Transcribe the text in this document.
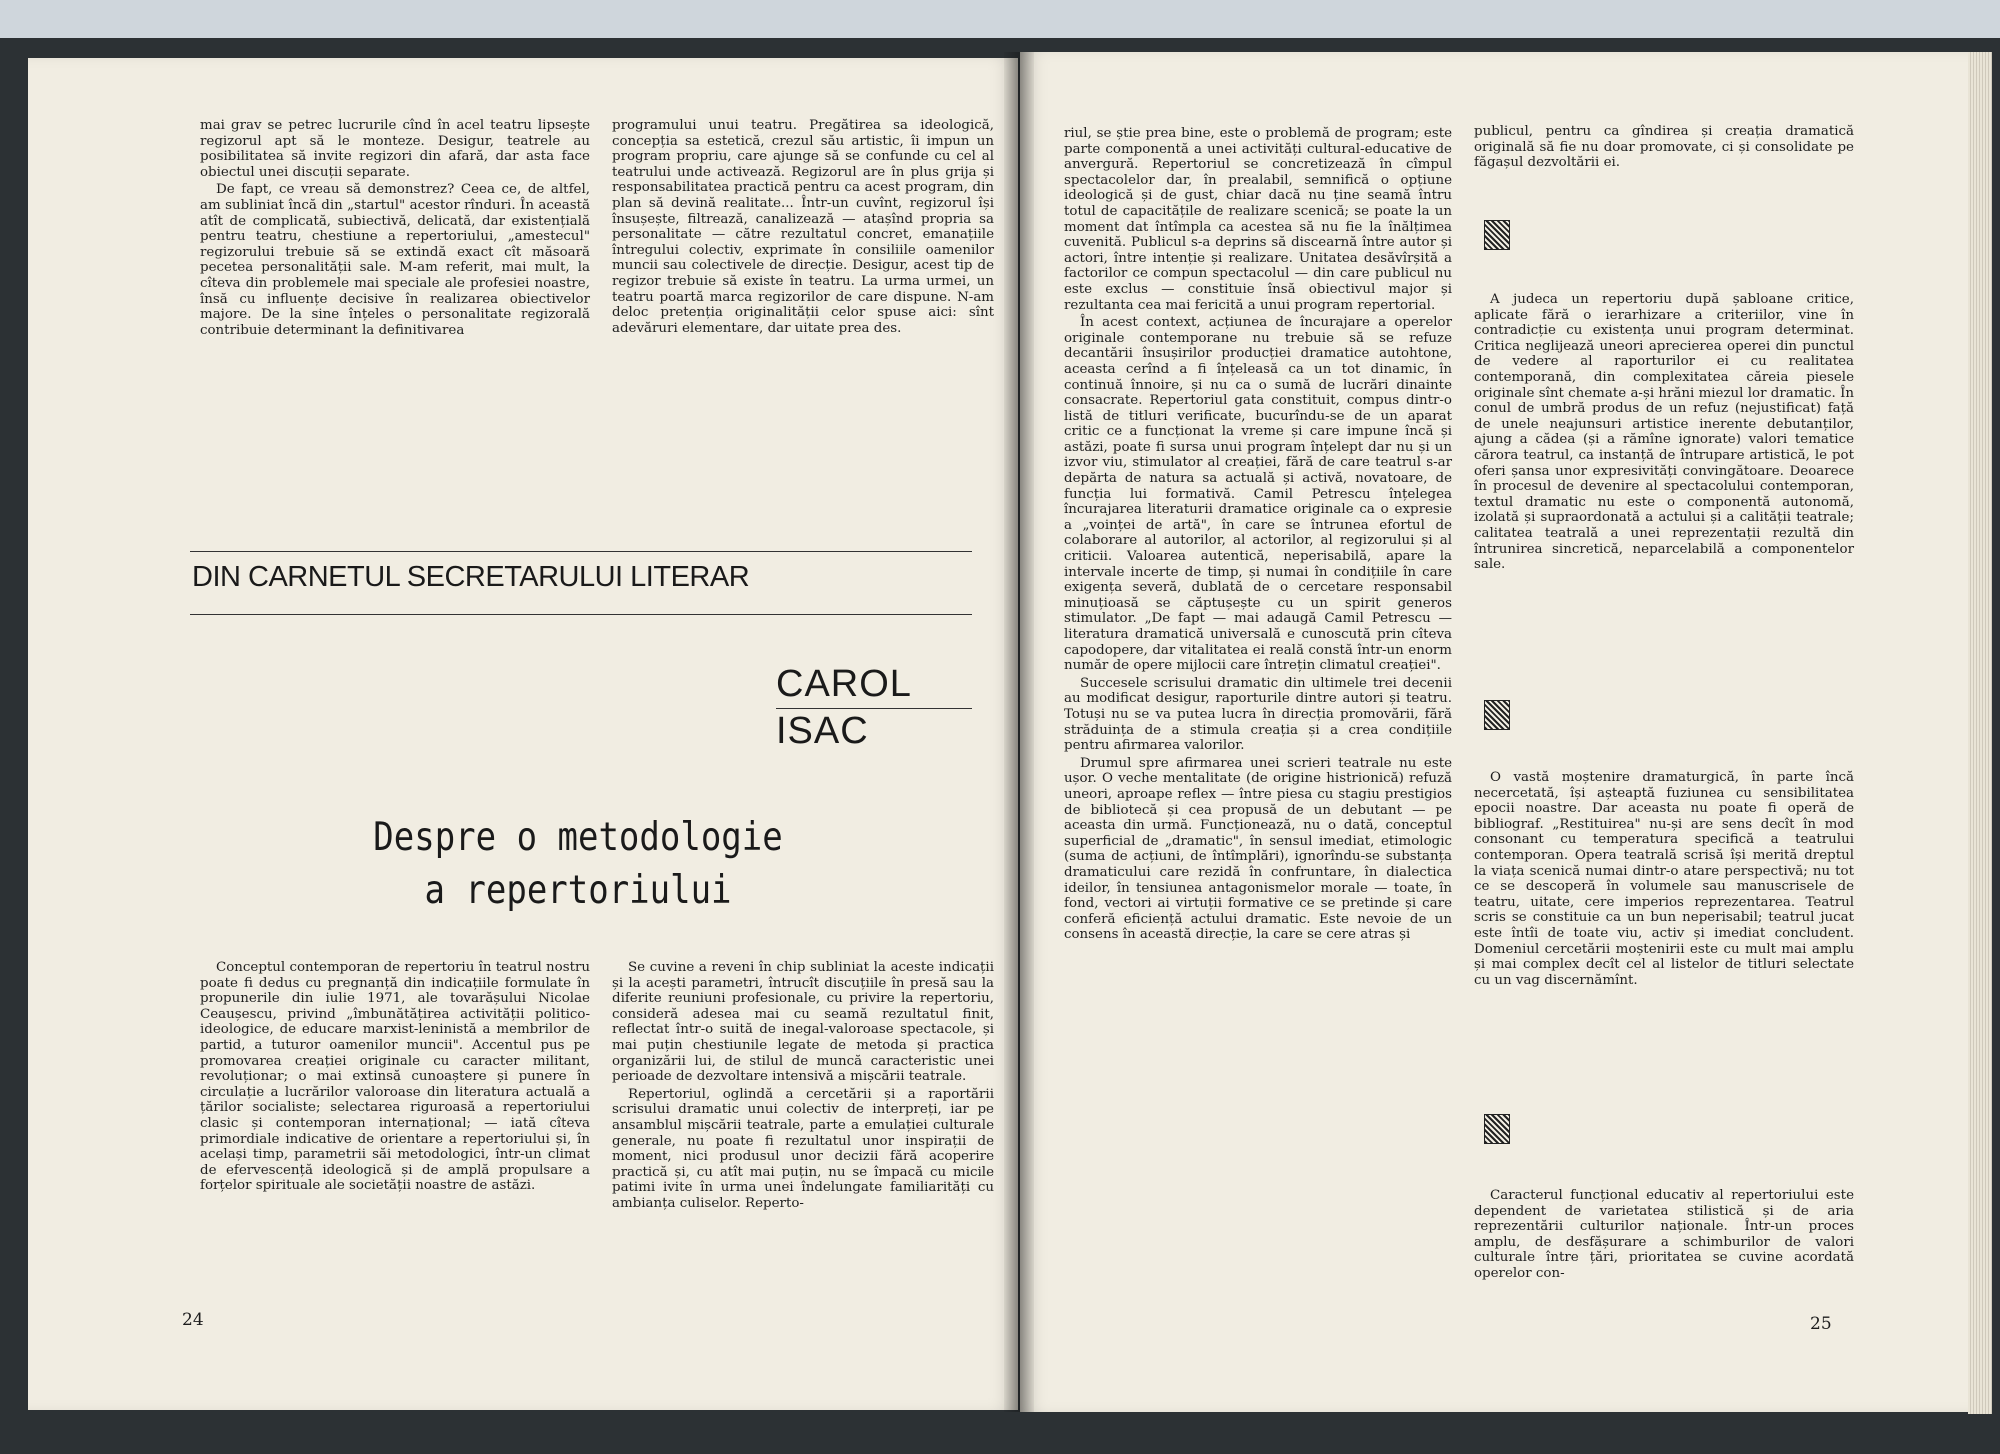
mai grav se petrec lucrurile cînd în acel teatru lipsește regizorul apt să le monteze. Desigur, teatrele au posibilitatea să invite regizori din afară, dar asta face obiectul unei discuții separate.

De fapt, ce vreau să demonstrez? Ceea ce, de altfel, am subliniat încă din „startul" acestor rînduri. În această atît de complicată, subiectivă, delicată, dar existențială pentru teatru, chestiune a repertoriului, „amestecul" regizorului trebuie să se extindă exact cît măsoară pecetea personalității sale. M-am referit, mai mult, la cîteva din problemele mai speciale ale profesiei noastre, însă cu influențe decisive în realizarea obiectivelor majore. De la sine înțeles o personalitate regizorală contribuie determinant la definitivarea

programului unui teatru. Pregătirea sa ideologică, concepția sa estetică, crezul său artistic, îi impun un program propriu, care ajunge să se confunde cu cel al teatrului unde activează. Regizorul are în plus grija și responsabilitatea practică pentru ca acest program, din plan să devină realitate... Într-un cuvînt, regizorul își însușește, filtrează, canalizează — atașînd propria sa personalitate — către rezultatul concret, emanațiile întregului colectiv, exprimate în consiliile oamenilor muncii sau colectivele de direcție. Desigur, acest tip de regizor trebuie să existe în teatru. La urma urmei, un teatru poartă marca regizorilor de care dispune. N-am deloc pretenția originalității celor spuse aici: sînt adevăruri elementare, dar uitate prea des.

DIN CARNETUL SECRETARULUI LITERAR
CAROL
ISAC
Despre o metodologie
a repertoriului

Conceptul contemporan de repertoriu în teatrul nostru poate fi dedus cu pregnanță din indicațiile formulate în propunerile din iulie 1971, ale tovarășului Nicolae Ceaușescu, privind „îmbunătățirea activității politico-ideologice, de educare marxist-leninistă a membrilor de partid, a tuturor oamenilor muncii". Accentul pus pe promovarea creației originale cu caracter militant, revoluționar; o mai extinsă cunoaștere și punere în circulație a lucrărilor valoroase din literatura actuală a țărilor socialiste; selectarea riguroasă a repertoriului clasic și contemporan internațional; — iată cîteva primordiale indicative de orientare a repertoriului și, în același timp, parametrii săi metodologici, într-un climat de efervescență ideologică și de amplă propulsare a forțelor spirituale ale societății noastre de astăzi.

Se cuvine a reveni în chip subliniat la aceste indicații și la acești parametri, întrucît discuțiile în presă sau la diferite reuniuni profesionale, cu privire la repertoriu, consideră adesea mai cu seamă rezultatul finit, reflectat într-o suită de inegal-valoroase spectacole, și mai puțin chestiunile legate de metoda și practica organizării lui, de stilul de muncă caracteristic unei perioade de dezvoltare intensivă a mișcării teatrale.

Repertoriul, oglindă a cercetării și a raportării scrisului dramatic unui colectiv de interpreți, iar pe ansamblul mișcării teatrale, parte a emulației culturale generale, nu poate fi rezultatul unor inspirații de moment, nici produsul unor decizii fără acoperire practică și, cu atît mai puțin, nu se împacă cu micile patimi ivite în urma unei îndelungate familiarități cu ambianța culiselor. Reperto-

24

riul, se știe prea bine, este o problemă de program; este parte componentă a unei activități cultural-educative de anvergură. Repertoriul se concretizează în cîmpul spectacolelor dar, în prealabil, semnifică o opțiune ideologică și de gust, chiar dacă nu ține seamă întru totul de capacitățile de realizare scenică; se poate la un moment dat întîmpla ca acestea să nu fie la înălțimea cuvenită. Publicul s-a deprins să discearnă între autor și actori, între intenție și realizare. Unitatea desăvîrșită a factorilor ce compun spectacolul — din care publicul nu este exclus — constituie însă obiectivul major și rezultanta cea mai fericită a unui program repertorial.

În acest context, acțiunea de încurajare a operelor originale contemporane nu trebuie să se refuze decantării însușirilor producției dramatice autohtone, aceasta cerînd a fi înțeleasă ca un tot dinamic, în continuă înnoire, și nu ca o sumă de lucrări dinainte consacrate. Repertoriul gata constituit, compus dintr-o listă de titluri verificate, bucurîndu-se de un aparat critic ce a funcționat la vreme și care impune încă și astăzi, poate fi sursa unui program înțelept dar nu și un izvor viu, stimulator al creației, fără de care teatrul s-ar depărta de natura sa actuală și activă, novatoare, de funcția lui formativă. Camil Petrescu înțelegea încurajarea literaturii dramatice originale ca o expresie a „voinței de artă", în care se întrunea efortul de colaborare al autorilor, al actorilor, al regizorului și al criticii. Valoarea autentică, neperisabilă, apare la intervale incerte de timp, și numai în condițiile în care exigența severă, dublată de o cercetare responsabil minuțioasă se căptușește cu un spirit generos stimulator. „De fapt — mai adaugă Camil Petrescu — literatura dramatică universală e cunoscută prin cîteva capodopere, dar vitalitatea ei reală constă într-un enorm număr de opere mijlocii care întrețin climatul creației".

Succesele scrisului dramatic din ultimele trei decenii au modificat desigur, raporturile dintre autori și teatru. Totuși nu se va putea lucra în direcția promovării, fără străduința de a stimula creația și a crea condițiile pentru afirmarea valorilor.

Drumul spre afirmarea unei scrieri teatrale nu este ușor. O veche mentalitate (de origine histrionică) refuză uneori, aproape reflex — între piesa cu stagiu prestigios de bibliotecă și cea propusă de un debutant — pe aceasta din urmă. Funcționează, nu o dată, conceptul superficial de „dramatic", în sensul imediat, etimologic (suma de acțiuni, de întîmplări), ignorîndu-se substanța dramaticului care rezidă în confruntare, în dialectica ideilor, în tensiunea antagonismelor morale — toate, în fond, vectori ai virtuții formative ce se pretinde și care conferă eficiență actului dramatic. Este nevoie de un consens în această direcție, la care se cere atras și

publicul, pentru ca gîndirea și creația dramatică originală să fie nu doar promovate, ci și consolidate pe făgașul dezvoltării ei.

A judeca un repertoriu după șabloane critice, aplicate fără o ierarhizare a criteriilor, vine în contradicție cu existența unui program determinat. Critica neglijează uneori aprecierea operei din punctul de vedere al raporturilor ei cu realitatea contemporană, din complexitatea căreia piesele originale sînt chemate a-și hrăni miezul lor dramatic. În conul de umbră produs de un refuz (nejustificat) față de unele neajunsuri artistice inerente debutanților, ajung a cădea (și a rămîne ignorate) valori tematice cărora teatrul, ca instanță de întrupare artistică, le pot oferi șansa unor expresivități convingătoare. Deoarece în procesul de devenire al spectacolului contemporan, textul dramatic nu este o componentă autonomă, izolată și supraordonată a actului și a calității teatrale; calitatea teatrală a unei reprezentații rezultă din întrunirea sincretică, neparcelabilă a componentelor sale.

O vastă moștenire dramaturgică, în parte încă necercetată, își așteaptă fuziunea cu sensibilitatea epocii noastre. Dar aceasta nu poate fi operă de bibliograf. „Restituirea" nu-și are sens decît în mod consonant cu temperatura specifică a teatrului contemporan. Opera teatrală scrisă își merită dreptul la viața scenică numai dintr-o atare perspectivă; nu tot ce se descoperă în volumele sau manuscrisele de teatru, uitate, cere imperios reprezentarea. Teatrul scris se constituie ca un bun neperisabil; teatrul jucat este întîi de toate viu, activ și imediat concludent. Domeniul cercetării moștenirii este cu mult mai amplu și mai complex decît cel al listelor de titluri selectate cu un vag discernămînt.

Caracterul funcțional educativ al repertoriului este dependent de varietatea stilistică și de aria reprezentării culturilor naționale. Într-un proces amplu, de desfășurare a schimburilor de valori culturale între țări, prioritatea se cuvine acordată operelor con-

25
